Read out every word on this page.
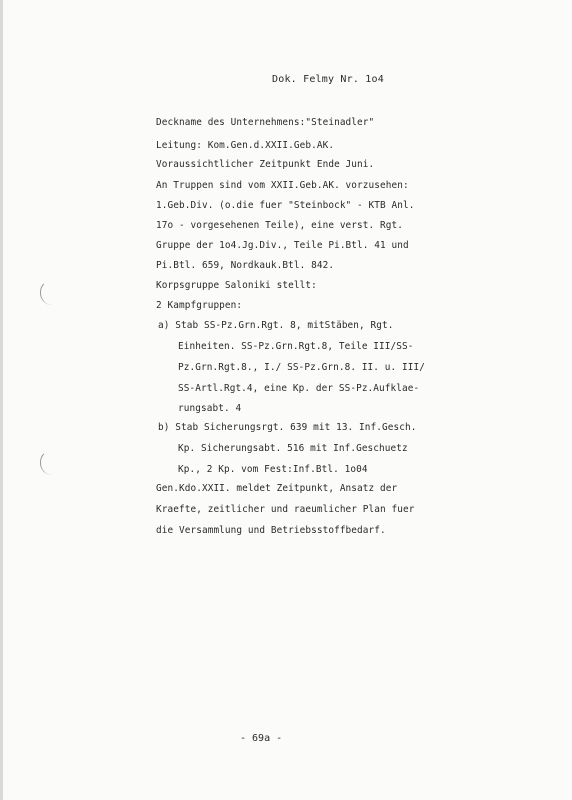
Dok. Felmy Nr. 1o4
Deckname des Unternehmens:"Steinadler"
Leitung: Kom.Gen.d.XXII.Geb.AK.
Voraussichtlicher Zeitpunkt Ende Juni.
An Truppen sind vom XXII.Geb.AK. vorzusehen:
1.Geb.Div. (o.die fuer "Steinbock" - KTB Anl.
17o - vorgesehenen Teile), eine verst. Rgt.
Gruppe der 1o4.Jg.Div., Teile Pi.Btl. 41 und
Pi.Btl. 659, Nordkauk.Btl. 842.
Korpsgruppe Saloniki stellt:
2 Kampfgruppen:
a) Stab SS-Pz.Grn.Rgt. 8, mitStäben, Rgt.
Einheiten. SS-Pz.Grn.Rgt.8, Teile III/SS-
Pz.Grn.Rgt.8., I./ SS-Pz.Grn.8. II. u. III/
SS-Artl.Rgt.4, eine Kp. der SS-Pz.Aufklae-
rungsabt. 4
b) Stab Sicherungsrgt. 639 mit 13. Inf.Gesch.
Kp. Sicherungsabt. 516 mit Inf.Geschuetz
Kp., 2 Kp. vom Fest:Inf.Btl. 1o04
Gen.Kdo.XXII. meldet Zeitpunkt, Ansatz der
Kraefte, zeitlicher und raeumlicher Plan fuer
die Versammlung und Betriebsstoffbedarf.
- 69a -
